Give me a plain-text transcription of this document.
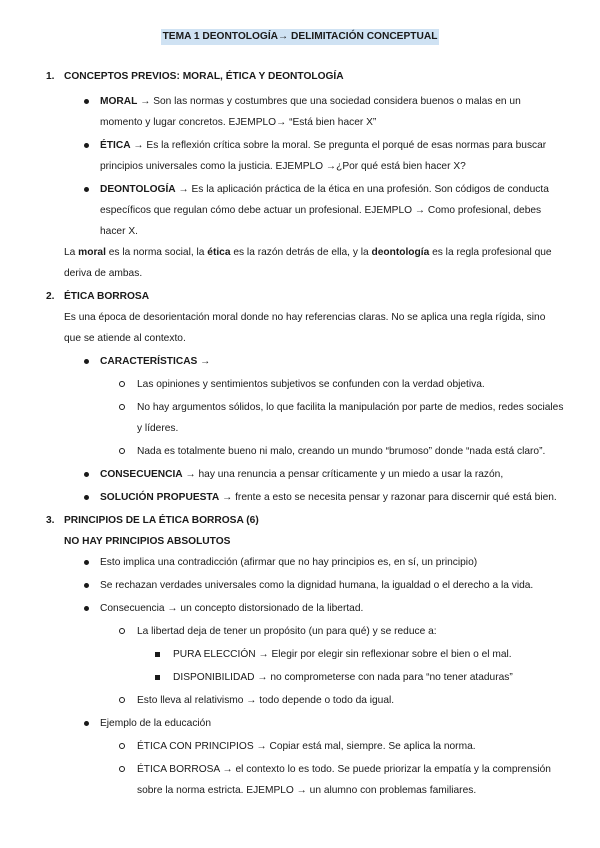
TEMA 1 DEONTOLOGÍA→ DELIMITACIÓN CONCEPTUAL
1. CONCEPTOS PREVIOS: MORAL, ÉTICA Y DEONTOLOGÍA
MORAL → Son las normas y costumbres que una sociedad considera buenos o malas en un momento y lugar concretos. EJEMPLO→ “Está bien hacer X”
ÉTICA → Es la reflexión crítica sobre la moral. Se pregunta el porqué de esas normas para buscar principios universales como la justicia. EJEMPLO →¿Por qué está bien hacer X?
DEONTOLOGÍA → Es la aplicación práctica de la ética en una profesión. Son códigos de conducta específicos que regulan cómo debe actuar un profesional. EJEMPLO → Como profesional, debes hacer X.
La moral es la norma social, la ética es la razón detrás de ella, y la deontología es la regla profesional que deriva de ambas.
2. ÉTICA BORROSA
Es una época de desorientación moral donde no hay referencias claras. No se aplica una regla rígida, sino que se atiende al contexto.
CARACTERÍSTICAS →
Las opiniones y sentimientos subjetivos se confunden con la verdad objetiva.
No hay argumentos sólidos, lo que facilita la manipulación por parte de medios, redes sociales y líderes.
Nada es totalmente bueno ni malo, creando un mundo “brumoso” donde “nada está claro”.
CONSECUENCIA → hay una renuncia a pensar críticamente y un miedo a usar la razón,
SOLUCIÓN PROPUESTA → frente a esto se necesita pensar y razonar para discernir qué está bien.
3. PRINCIPIOS DE LA ÉTICA BORROSA (6)
NO HAY PRINCIPIOS ABSOLUTOS
Esto implica una contradicción (afirmar que no hay principios es, en sí, un principio)
Se rechazan verdades universales como la dignidad humana, la igualdad o el derecho a la vida.
Consecuencia → un concepto distorsionado de la libertad.
La libertad deja de tener un propósito (un para qué) y se reduce a:
PURA ELECCIÓN → Elegir por elegir sin reflexionar sobre el bien o el mal.
DISPONIBILIDAD → no comprometerse con nada para “no tener ataduras”
Esto lleva al relativismo → todo depende o todo da igual.
Ejemplo de la educación
ÉTICA CON PRINCIPIOS → Copiar está mal, siempre. Se aplica la norma.
ÉTICA BORROSA → el contexto lo es todo. Se puede priorizar la empatía y la comprensión sobre la norma estricta. EJEMPLO → un alumno con problemas familiares.
